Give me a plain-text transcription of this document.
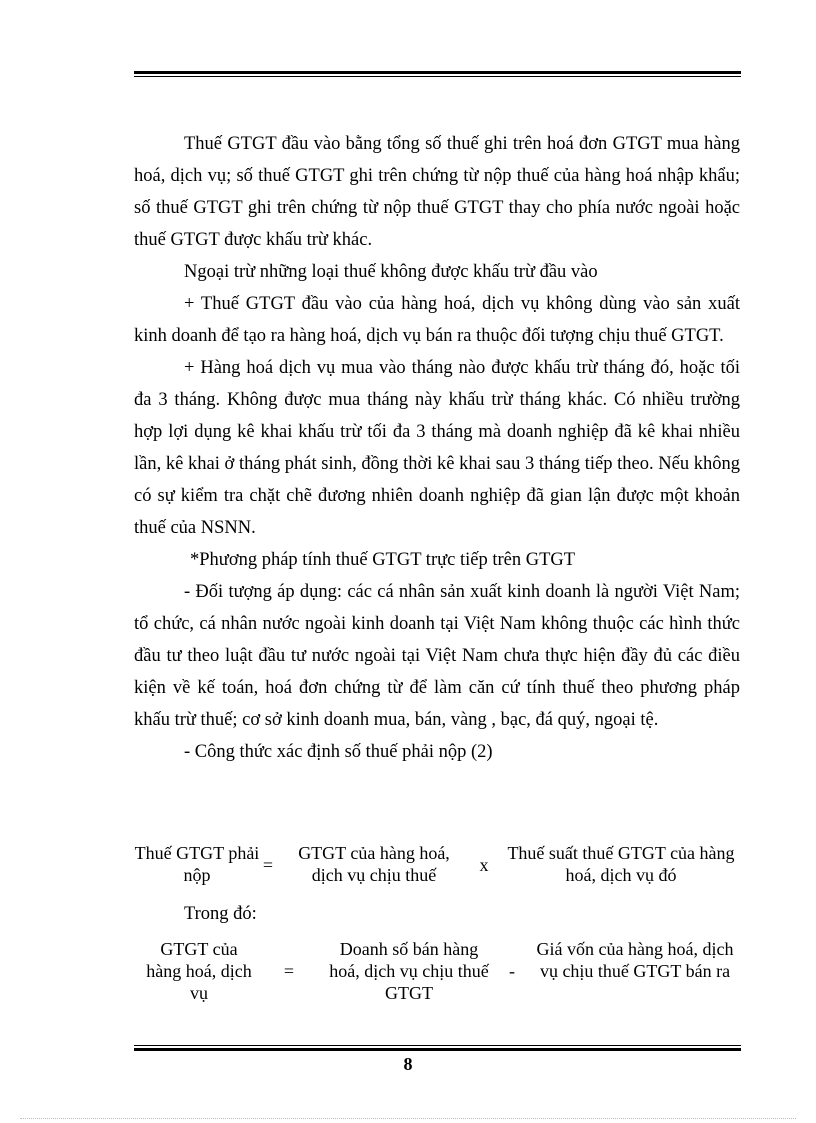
Thuế GTGT đầu vào bằng tổng số thuế ghi trên hoá đơn GTGT mua hàng hoá, dịch vụ; số thuế GTGT ghi trên chứng từ nộp thuế của hàng hoá nhập khẩu; số thuế GTGT ghi trên chứng từ nộp thuế GTGT thay cho phía nước ngoài hoặc thuế GTGT được khấu trừ khác.

Ngoại trừ những loại thuế không được khấu trừ đầu vào

+ Thuế GTGT đầu vào của hàng hoá, dịch vụ không dùng vào sản xuất kinh doanh để tạo ra hàng hoá, dịch vụ bán ra thuộc đối tượng chịu thuế GTGT.

+ Hàng hoá dịch vụ mua vào tháng nào được khấu trừ tháng đó, hoặc tối đa 3 tháng. Không được mua tháng này khấu trừ tháng khác. Có nhiều trường hợp lợi dụng kê khai khấu trừ tối đa 3 tháng mà doanh nghiệp đã kê khai nhiều lần, kê khai ở tháng phát sinh, đồng thời kê khai sau 3 tháng tiếp theo. Nếu không có sự kiểm tra chặt chẽ đương nhiên doanh nghiệp đã gian lận được một khoản thuế của NSNN.

*Phương pháp tính thuế GTGT trực tiếp trên GTGT

- Đối tượng áp dụng: các cá nhân sản xuất kinh doanh là người Việt Nam; tổ chức, cá nhân nước ngoài kinh doanh tại Việt Nam không thuộc các hình thức đầu tư theo luật đầu tư nước ngoài tại Việt Nam chưa thực hiện đầy đủ các điều kiện về kế toán, hoá đơn chứng từ để làm căn cứ tính thuế theo phương pháp khấu trừ thuế; cơ sở kinh doanh mua, bán, vàng , bạc, đá quý, ngoại tệ.

- Công thức xác định số thuế phải nộp (2)

Thuế GTGT phải nộp	=
GTGT của hàng hoá, dịch vụ chịu thuế	x
Thuế suất thuế GTGT của hàng hoá, dịch vụ đó
Trong đó:
GTGT của hàng hoá, dịch vụ
=
Doanh số bán hàng hoá, dịch vụ chịu thuế GTGT
-
Giá vốn của hàng hoá, dịch vụ chịu thuế GTGT bán ra
8
